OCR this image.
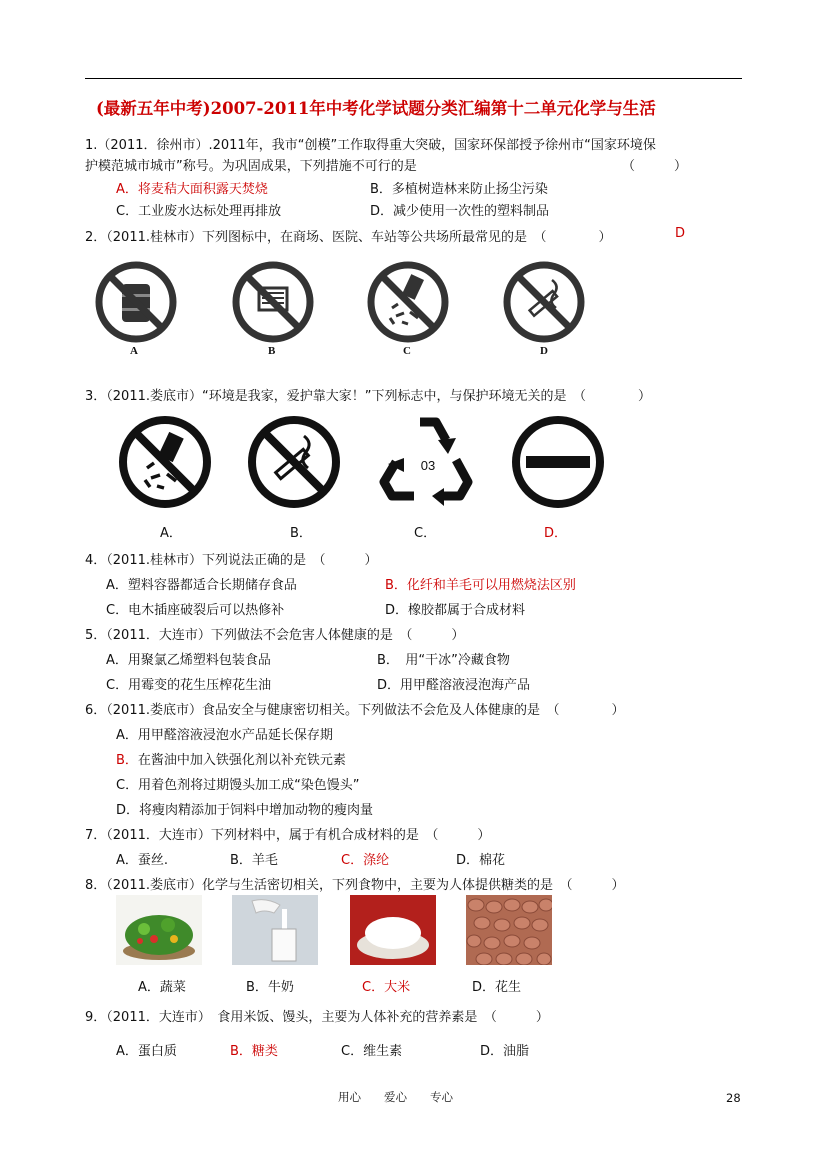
(最新五年中考)2007-2011年中考化学试题分类汇编第十二单元化学与生活
1.（2011．徐州市）.2011年，我市“创模”工作取得重大突破，国家环保部授予徐州市“国家环境保
护模范城市城市”称号。为巩固成果，下列措施不可行的是	（　　　）
A．将麦秸大面积露天焚烧	B．多植树造林来防止扬尘污染
C．工业废水达标处理再排放	D．减少使用一次性的塑料制品
2．（2011.桂林市）下列图标中，在商场、医院、车站等公共场所最常见的是　（　　　　）	D
A	B	C	D
3．（2011.娄底市）“环境是我家，爱护靠大家！”下列标志中，与保护环境无关的是　（　　　　）
03
A．	B．	C．	D．
4．（2011.桂林市）下列说法正确的是　（　　　）
A．塑料容器都适合长期储存食品	B．化纤和羊毛可以用燃烧法区别
C．电木插座破裂后可以热修补	D．橡胶都属于合成材料
5．（2011．大连市）下列做法不会危害人体健康的是　（　　　）
A．用聚氯乙烯塑料包装食品	B．　用“干冰”冷藏食物
C．用霉变的花生压榨花生油	D．用甲醛溶液浸泡海产品
6．（2011.娄底市）食品安全与健康密切相关。下列做法不会危及人体健康的是　（　　　　）
A．用甲醛溶液浸泡水产品延长保存期
B．在酱油中加入铁强化剂以补充铁元素
C．用着色剂将过期馒头加工成“染色馒头”
D．将瘦肉精添加于饲料中增加动物的瘦肉量
7．（2011．大连市）下列材料中，属于有机合成材料的是　（　　　）
A．蚕丝.	B．羊毛	C．涤纶	D．棉花
8．（2011.娄底市）化学与生活密切相关，下列食物中，主要为人体提供糖类的是　（　　　）
A．蔬菜	B．牛奶	C．大米	D．花生
9．（2011．大连市）　食用米饭、馒头，主要为人体补充的营养素是　（　　　）
A．蛋白质	B．糖类	C．维生素	D．油脂
用心　　爱心　　专心	28
